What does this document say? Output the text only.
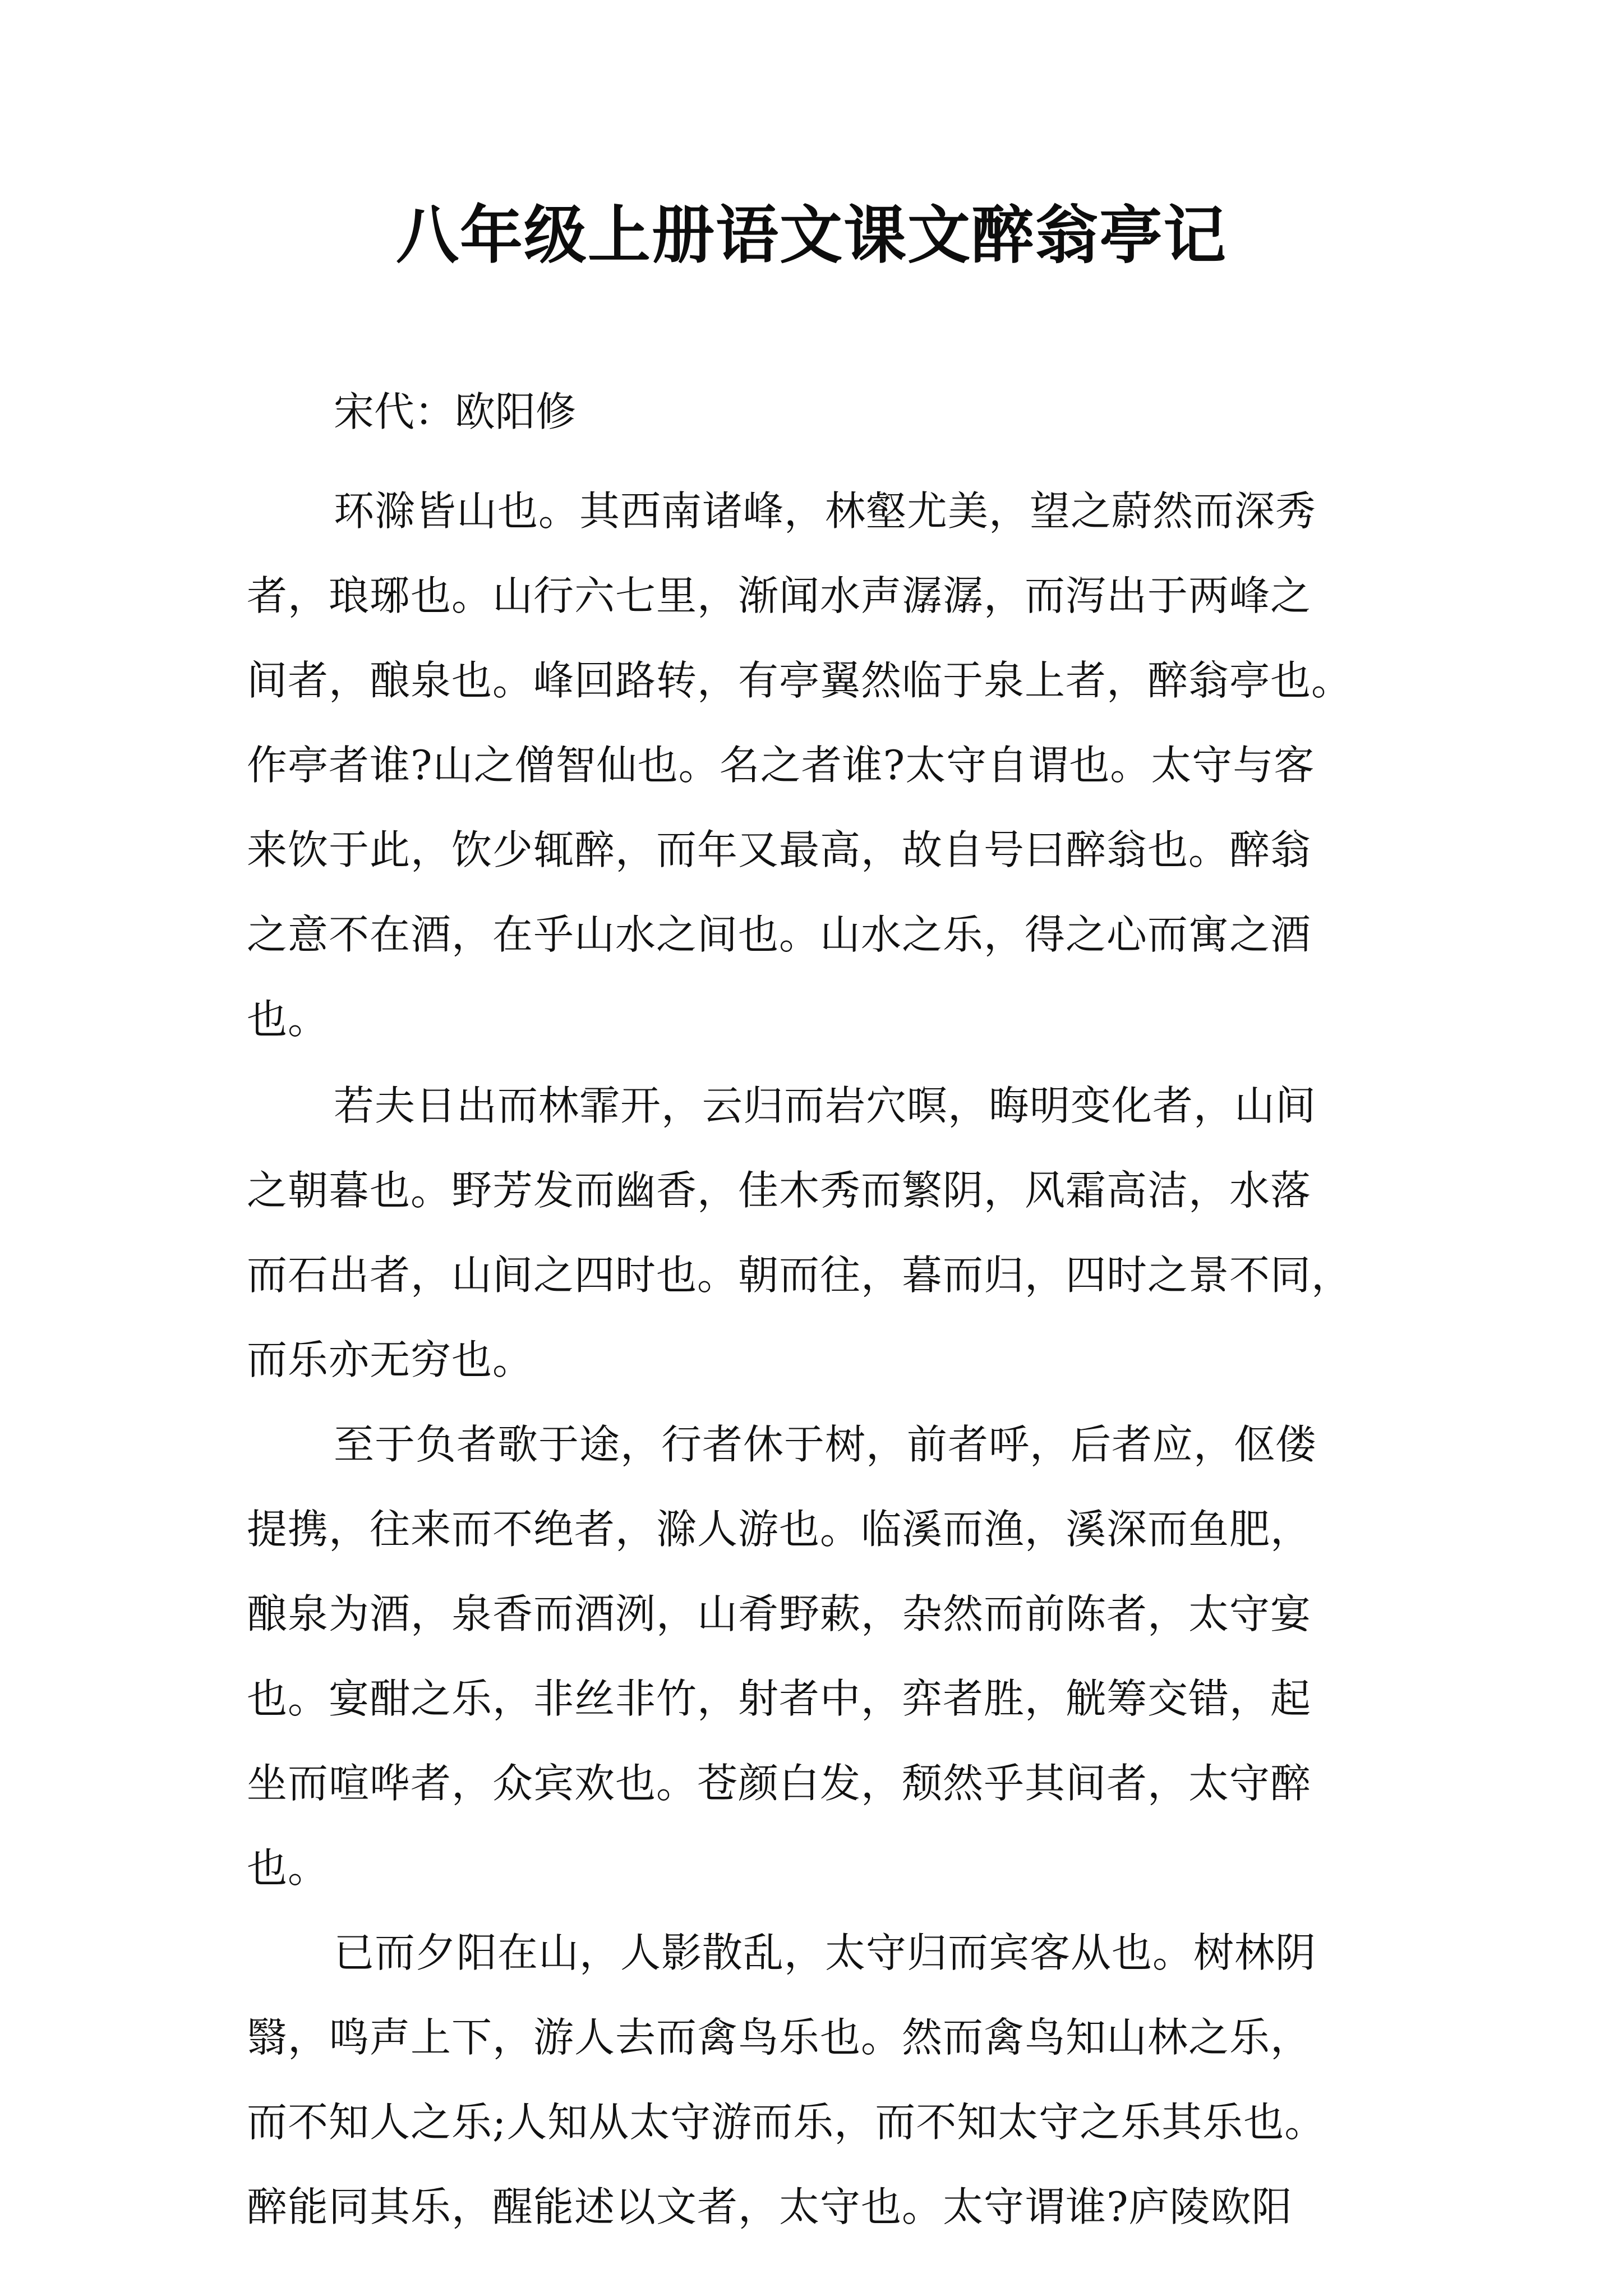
八年级上册语文课文醉翁亭记
宋代：欧阳修
环滁皆山也。其西南诸峰，林壑尤美，望之蔚然而深秀
者，琅琊也。山行六七里，渐闻水声潺潺，而泻出于两峰之
间者，酿泉也。峰回路转，有亭翼然临于泉上者，醉翁亭也。
作亭者谁?山之僧智仙也。名之者谁?太守自谓也。太守与客
来饮于此，饮少辄醉，而年又最高，故自号曰醉翁也。醉翁
之意不在酒，在乎山水之间也。山水之乐，得之心而寓之酒
也。
若夫日出而林霏开，云归而岩穴暝，晦明变化者，山间
之朝暮也。野芳发而幽香，佳木秀而繁阴，风霜高洁，水落
而石出者，山间之四时也。朝而往，暮而归，四时之景不同，
而乐亦无穷也。
至于负者歌于途，行者休于树，前者呼，后者应，伛偻
提携，往来而不绝者，滁人游也。临溪而渔，溪深而鱼肥，
酿泉为酒，泉香而酒洌，山肴野蔌，杂然而前陈者，太守宴
也。宴酣之乐，非丝非竹，射者中，弈者胜，觥筹交错，起
坐而喧哗者，众宾欢也。苍颜白发，颓然乎其间者，太守醉
也。
已而夕阳在山，人影散乱，太守归而宾客从也。树林阴
翳，鸣声上下，游人去而禽鸟乐也。然而禽鸟知山林之乐，
而不知人之乐;人知从太守游而乐，而不知太守之乐其乐也。
醉能同其乐，醒能述以文者，太守也。太守谓谁?庐陵欧阳
